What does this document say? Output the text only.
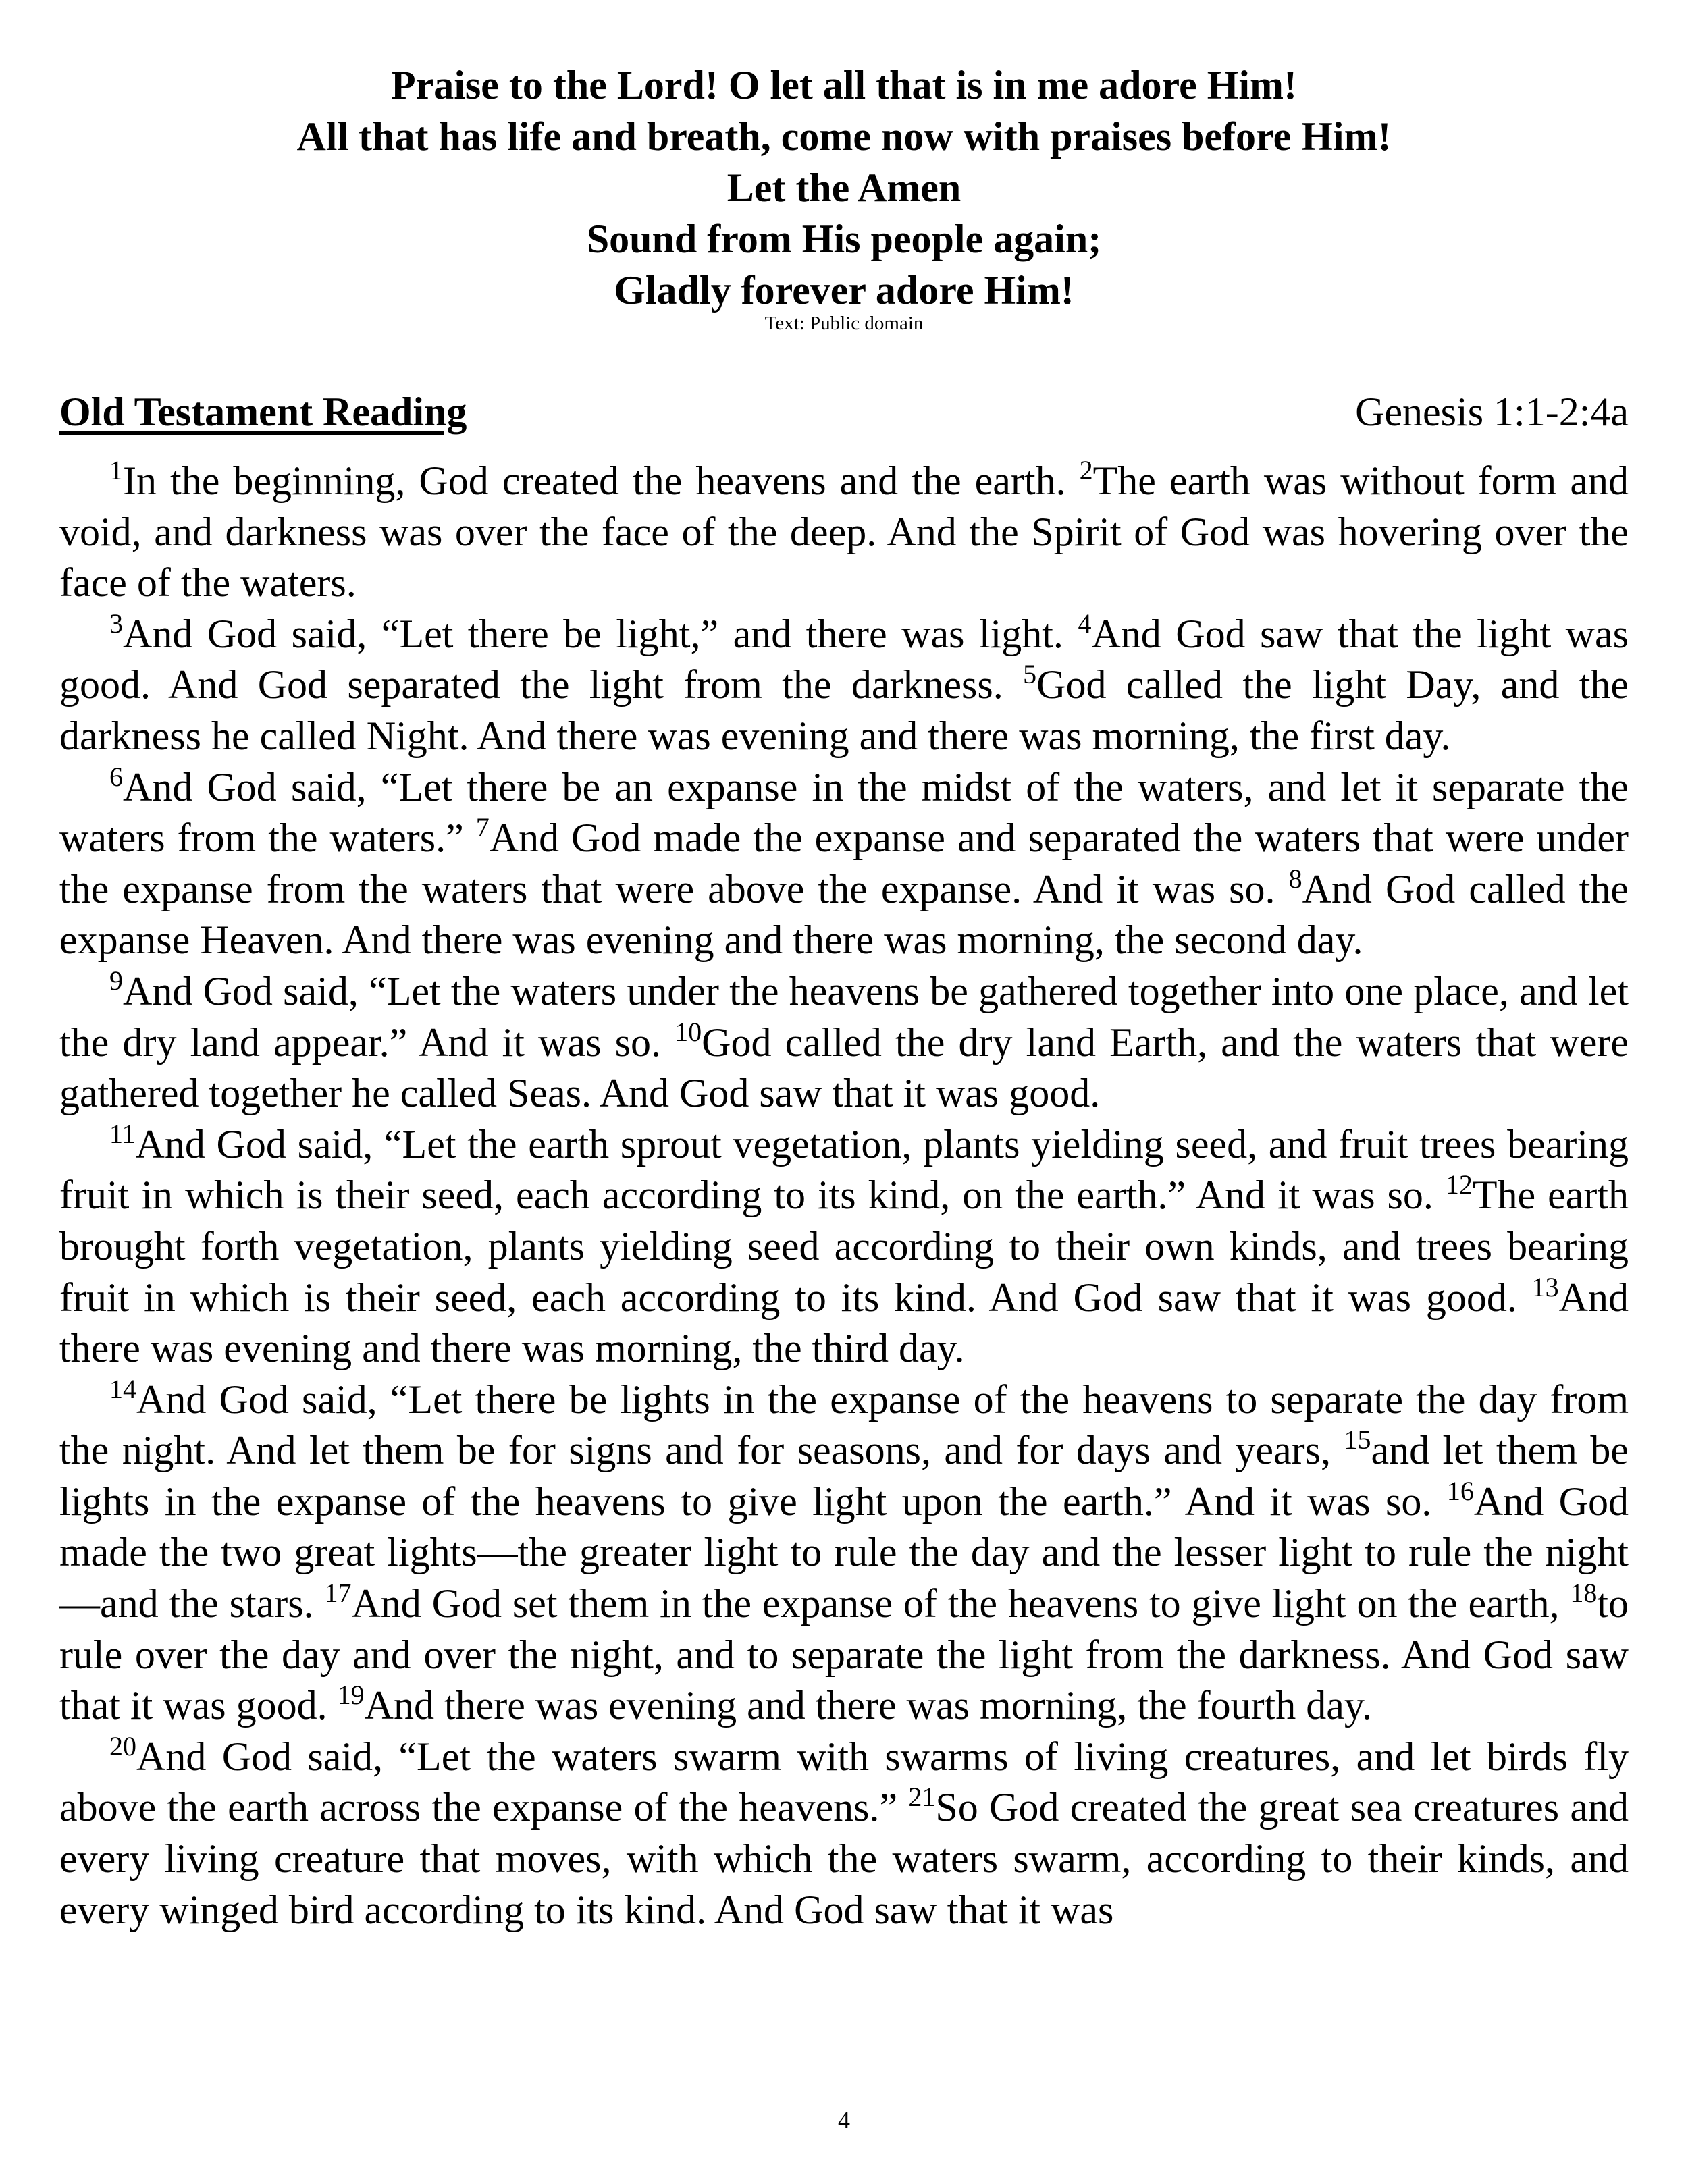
Praise to the Lord! O let all that is in me adore Him!
All that has life and breath, come now with praises before Him!
Let the Amen
Sound from His people again;
Gladly forever adore Him!
Text: Public domain
Old Testament Reading	Genesis 1:1-2:4a

$^1$In the beginning, God created the heavens and the earth. $^2$The earth was without form and void, and darkness was over the face of the deep. And the Spirit of God was hovering over the face of the waters.

$^3$And God said, “Let there be light,” and there was light. $^4$And God saw that the light was good. And God separated the light from the darkness. $^5$God called the light Day, and the darkness he called Night. And there was evening and there was morning, the first day.

$^6$And God said, “Let there be an expanse in the midst of the waters, and let it separate the waters from the waters.” $^7$And God made the expanse and separated the waters that were under the expanse from the waters that were above the expanse. And it was so. $^8$And God called the expanse Heaven. And there was evening and there was morning, the second day.

$^9$And God said, “Let the waters under the heavens be gathered together into one place, and let the dry land appear.” And it was so. $^{10}$God called the dry land Earth, and the waters that were gathered together he called Seas. And God saw that it was good.

$^{11}$And God said, “Let the earth sprout vegetation, plants yielding seed, and fruit trees bearing fruit in which is their seed, each according to its kind, on the earth.” And it was so. $^{12}$The earth brought forth vegetation, plants yielding seed according to their own kinds, and trees bearing fruit in which is their seed, each according to its kind. And God saw that it was good. $^{13}$And there was evening and there was morning, the third day.

$^{14}$And God said, “Let there be lights in the expanse of the heavens to separate the day from the night. And let them be for signs and for seasons, and for days and years, $^{15}$and let them be lights in the expanse of the heavens to give light upon the earth.” And it was so. $^{16}$And God made the two great lights—the greater light to rule the day and the lesser light to rule the night—and the stars. $^{17}$And God set them in the expanse of the heavens to give light on the earth, $^{18}$to rule over the day and over the night, and to separate the light from the darkness. And God saw that it was good. $^{19}$And there was evening and there was morning, the fourth day.

$^{20}$And God said, “Let the waters swarm with swarms of living creatures, and let birds fly above the earth across the expanse of the heavens.” $^{21}$So God created the great sea creatures and every living creature that moves, with which the waters swarm, according to their kinds, and every winged bird according to its kind. And God saw that it was

4
